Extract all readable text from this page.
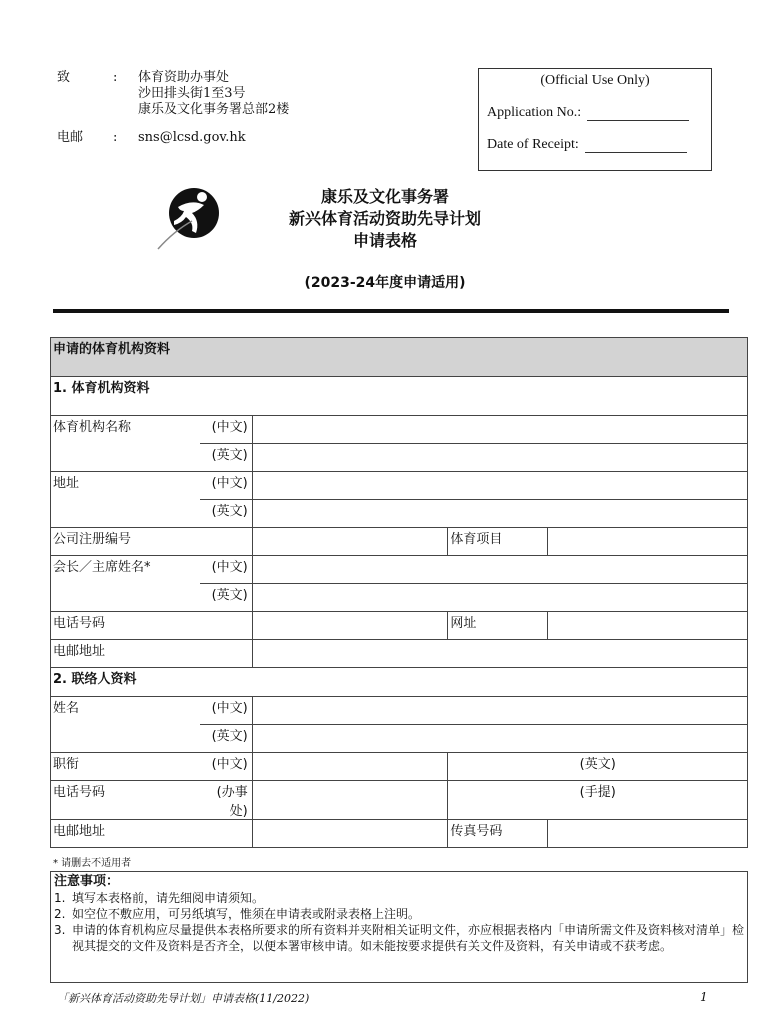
致	: 体育资助办事处
沙田排头街1至3号
康乐及文化事务署总部2楼
电邮 : sns@lcsd.gov.hk
(Official Use Only)
Application No.:
Date of Receipt:
康乐及文化事务署
新兴体育活动资助先导计划
申请表格
(2023-24年度申请适用)
申请的体育机构资料				
1. 体育机构资料				
体育机构名称	(中文)			
	(英文)			
地址	(中文)			
	(英文)			
公司注册编号			体育项目	
会长／主席姓名*	(中文)			
	(英文)			
电话号码			网址	
电邮地址				
2. 联络人资料				
姓名	(中文)			
	(英文)			
职衔	(中文)		(英文)	
电话号码	(办事处)		(手提)	
电邮地址			传真号码	
* 请删去不适用者
注意事项：
1. 填写本表格前，请先细阅申请须知。
2. 如空位不敷应用，可另纸填写，惟须在申请表或附录表格上注明。
3. 申请的体育机构应尽量提供本表格所要求的所有资料并夹附相关证明文件，亦应根据表格内「申请所需文件及资料核对清单」检视其提交的文件及资料是否齐全，以便本署审核申请。如未能按要求提供有关文件及资料，有关申请或不获考虑。
「新兴体育活动资助先导计划」申请表格(11/2022)	1
